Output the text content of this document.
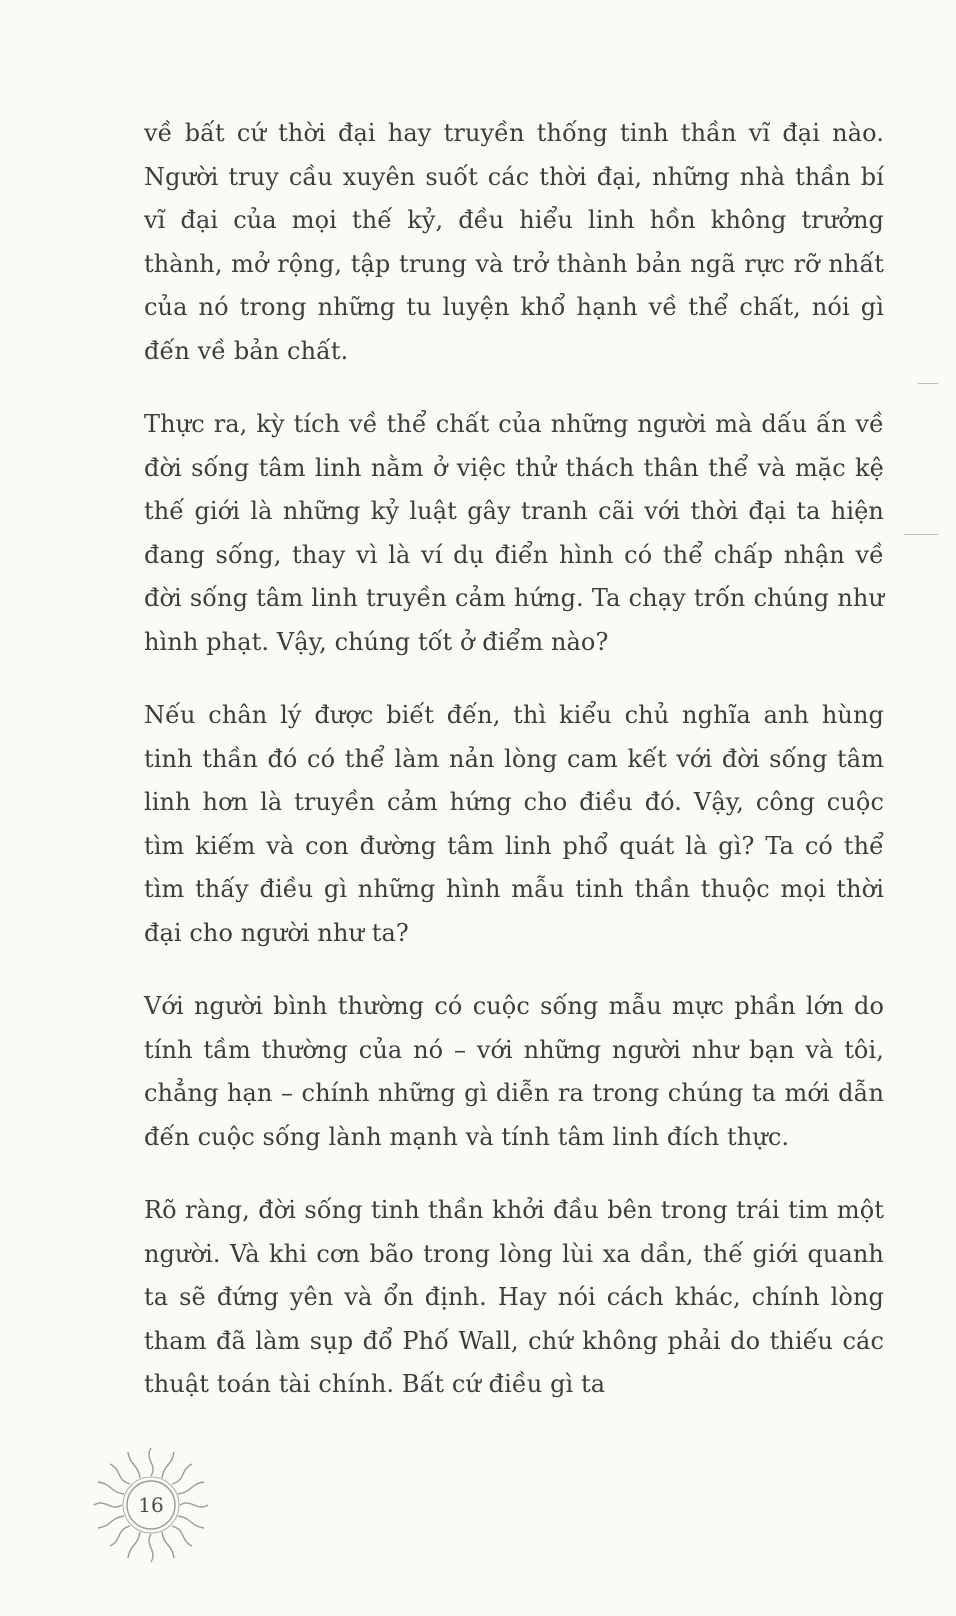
về bất cứ thời đại hay truyền thống tinh thần vĩ đại nào. Người truy cầu xuyên suốt các thời đại, những nhà thần bí vĩ đại của mọi thế kỷ, đều hiểu linh hồn không trưởng thành, mở rộng, tập trung và trở thành bản ngã rực rỡ nhất của nó trong những tu luyện khổ hạnh về thể chất, nói gì đến về bản chất.

Thực ra, kỳ tích về thể chất của những người mà dấu ấn về đời sống tâm linh nằm ở việc thử thách thân thể và mặc kệ thế giới là những kỷ luật gây tranh cãi với thời đại ta hiện đang sống, thay vì là ví dụ điển hình có thể chấp nhận về đời sống tâm linh truyền cảm hứng. Ta chạy trốn chúng như hình phạt. Vậy, chúng tốt ở điểm nào?

Nếu chân lý được biết đến, thì kiểu chủ nghĩa anh hùng tinh thần đó có thể làm nản lòng cam kết với đời sống tâm linh hơn là truyền cảm hứng cho điều đó. Vậy, công cuộc tìm kiếm và con đường tâm linh phổ quát là gì? Ta có thể tìm thấy điều gì những hình mẫu tinh thần thuộc mọi thời đại cho người như ta?

Với người bình thường có cuộc sống mẫu mực phần lớn do tính tầm thường của nó – với những người như bạn và tôi, chẳng hạn – chính những gì diễn ra trong chúng ta mới dẫn đến cuộc sống lành mạnh và tính tâm linh đích thực.

Rõ ràng, đời sống tinh thần khởi đầu bên trong trái tim một người. Và khi cơn bão trong lòng lùi xa dần, thế giới quanh ta sẽ đứng yên và ổn định. Hay nói cách khác, chính lòng tham đã làm sụp đổ Phố Wall, chứ không phải do thiếu các thuật toán tài chính. Bất cứ điều gì ta

16
